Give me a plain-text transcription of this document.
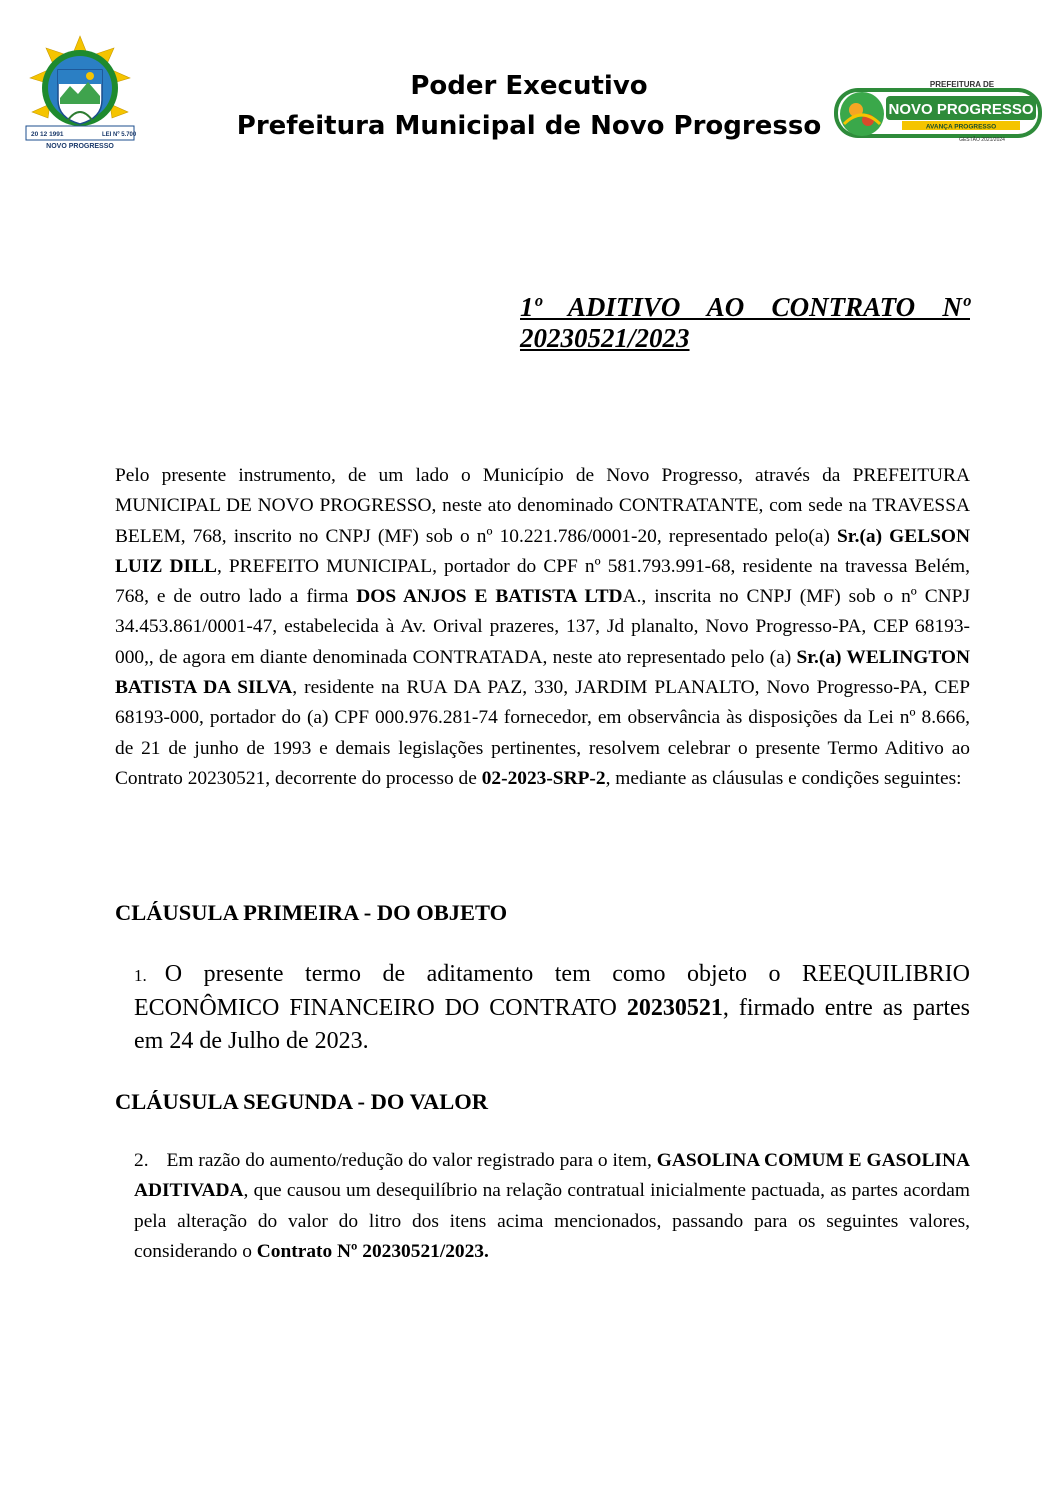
20 12 1991	LEI Nº 5.700
NOVO PROGRESSO
Poder Executivo
Prefeitura Municipal de Novo Progresso
PREFEITURA DE
NOVO PROGRESSO
AVANÇA PROGRESSO
GESTÃO 2021/2024
1º ADITIVO AO CONTRATO Nº
20230521/2023

Pelo presente instrumento, de um lado o Município de Novo Progresso, através da PREFEITURA MUNICIPAL DE NOVO PROGRESSO, neste ato denominado CONTRATANTE, com sede na TRAVESSA BELEM, 768, inscrito no CNPJ (MF) sob o nº 10.221.786/0001-20, representado pelo(a) Sr.(a) GELSON LUIZ DILL, PREFEITO MUNICIPAL, portador do CPF nº 581.793.991-68, residente na travessa Belém, 768, e de outro lado a firma DOS ANJOS E BATISTA LTDA., inscrita no CNPJ (MF) sob o nº CNPJ 34.453.861/0001-47, estabelecida à Av. Orival prazeres, 137, Jd planalto, Novo Progresso-PA, CEP 68193-000,, de agora em diante denominada CONTRATADA, neste ato representado pelo (a) Sr.(a) WELINGTON BATISTA DA SILVA, residente na RUA DA PAZ, 330, JARDIM PLANALTO, Novo Progresso-PA, CEP 68193-000, portador do (a) CPF 000.976.281-74 fornecedor, em observância às disposições da Lei nº 8.666, de 21 de junho de 1993 e demais legislações pertinentes, resolvem celebrar o presente Termo Aditivo ao Contrato 20230521, decorrente do processo de 02-2023-SRP-2, mediante as cláusulas e condições seguintes:

CLÁUSULA PRIMEIRA - DO OBJETO

1. O presente termo de aditamento tem como objeto o REEQUILIBRIO ECONÔMICO FINANCEIRO DO CONTRATO 20230521, firmado entre as partes em 24 de Julho de 2023.

CLÁUSULA SEGUNDA - DO VALOR

2. Em razão do aumento/redução do valor registrado para o item, GASOLINA COMUM E GASOLINA ADITIVADA, que causou um desequilíbrio na relação contratual inicialmente pactuada, as partes acordam pela alteração do valor do litro dos itens acima mencionados, passando para os seguintes valores, considerando o Contrato Nº 20230521/2023.
